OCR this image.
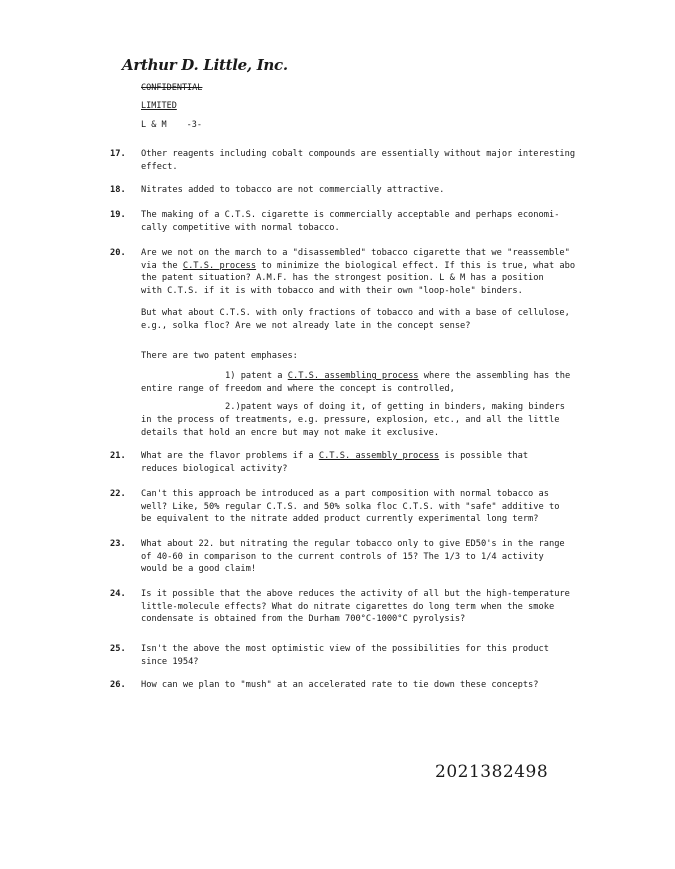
Arthur D. Little, Inc.
CONFIDENTIAL
LIMITED
L & M -3-
17. Other reagents including cobalt compounds are essentially without major interesting
effect.
18. Nitrates added to tobacco are not commercially attractive.
19. The making of a C.T.S. cigarette is commercially acceptable and perhaps economi-
cally competitive with normal tobacco.
20. Are we not on the march to a "disassembled" tobacco cigarette that we "reassemble"
via the C.T.S. process to minimize the biological effect. If this is true, what abo
the patent situation? A.M.F. has the strongest position. L & M has a position
with C.T.S. if it is with tobacco and with their own "loop-hole" binders.
But what about C.T.S. with only fractions of tobacco and with a base of cellulose,
e.g., solka floc? Are we not already late in the concept sense?
There are two patent emphases:
1) patent a C.T.S. assembling process where the assembling has the
entire range of freedom and where the concept is controlled,
2.)patent ways of doing it, of getting in binders, making binders
in the process of treatments, e.g. pressure, explosion, etc., and all the little
details that hold an encre but may not make it exclusive.
21. What are the flavor problems if a C.T.S. assembly process is possible that
reduces biological activity?
22. Can't this approach be introduced as a part composition with normal tobacco as
well? Like, 50% regular C.T.S. and 50% solka floc C.T.S. with "safe" additive to
be equivalent to the nitrate added product currently experimental long term?
23. What about 22. but nitrating the regular tobacco only to give ED50's in the range
of 40-60 in comparison to the current controls of 15? The 1/3 to 1/4 activity
would be a good claim!
24. Is it possible that the above reduces the activity of all but the high-temperature
little-molecule effects? What do nitrate cigarettes do long term when the smoke
condensate is obtained from the Durham 700°C-1000°C pyrolysis?
25. Isn't the above the most optimistic view of the possibilities for this product
since 1954?
26. How can we plan to "mush" at an accelerated rate to tie down these concepts?
2021382498
